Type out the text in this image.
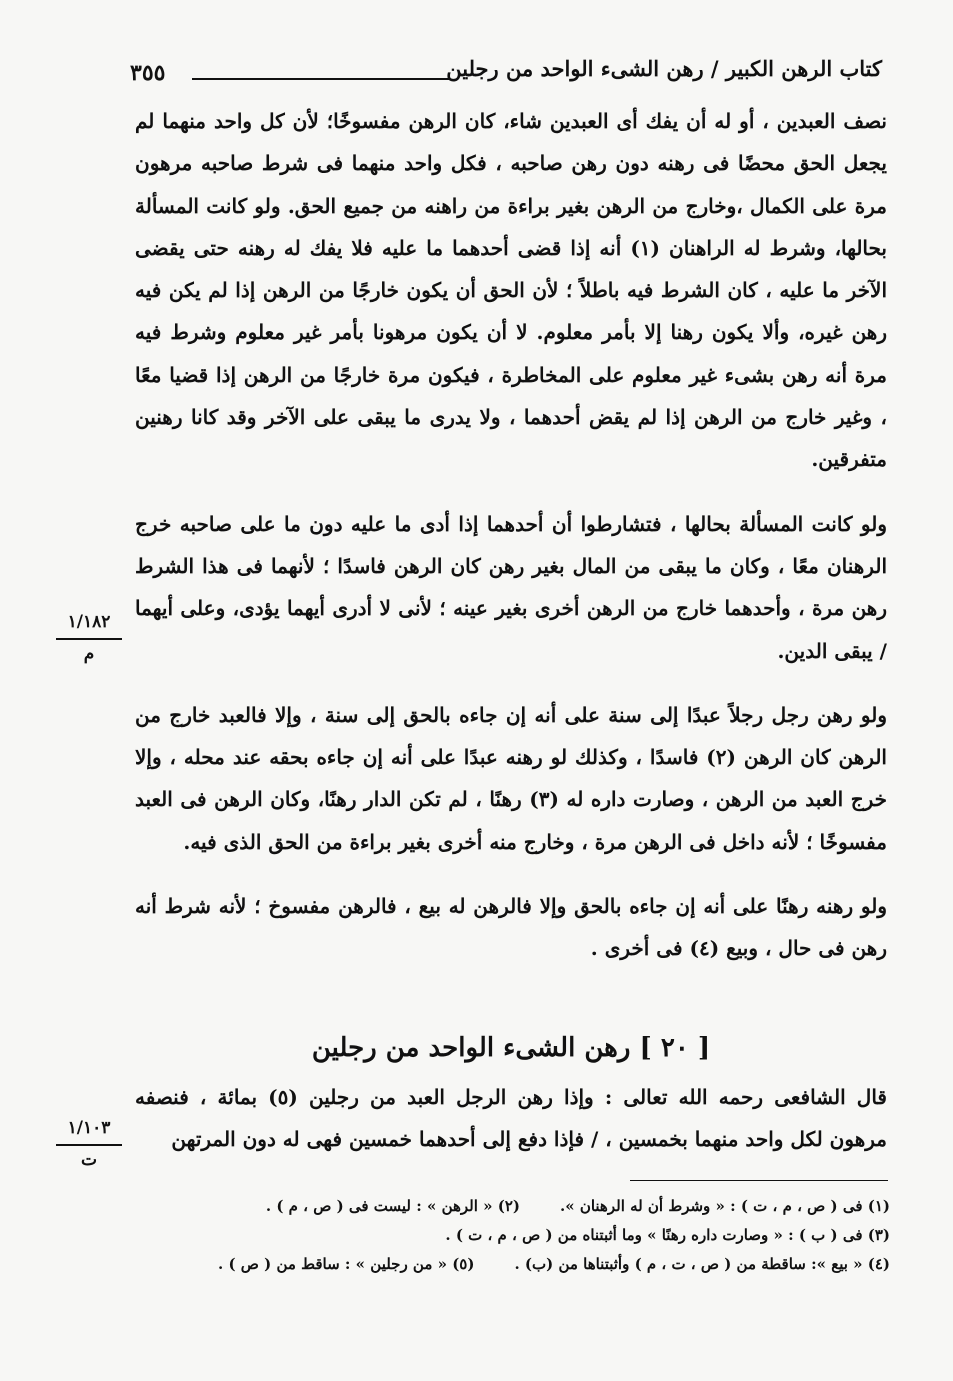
كتاب الرهن الكبير / رهن الشىء الواحد من رجلين
٣٥٥

نصف العبدين ، أو له أن يفك أى العبدين شاء، كان الرهن مفسوخًا؛ لأن كل واحد منهما لم يجعل الحق محضًا فى رهنه دون رهن صاحبه ، فكل واحد منهما فى شرط صاحبه مرهون مرة على الكمال ،وخارج من الرهن بغير براءة من راهنه من جميع الحق. ولو كانت المسألة بحالها، وشرط له الراهنان (١) أنه إذا قضى أحدهما ما عليه فلا يفك له رهنه حتى يقضى الآخر ما عليه ، كان الشرط فيه باطلاً ؛ لأن الحق أن يكون خارجًا من الرهن إذا لم يكن فيه رهن غيره، وألا يكون رهنا إلا بأمر معلوم. لا أن يكون مرهونا بأمر غير معلوم وشرط فيه مرة أنه رهن بشىء غير معلوم على المخاطرة ، فيكون مرة خارجًا من الرهن إذا قضيا معًا ، وغير خارج من الرهن إذا لم يقض أحدهما ، ولا يدرى ما يبقى على الآخر وقد كانا رهنين متفرقين.

ولو كانت المسألة بحالها ، فتشارطوا أن أحدهما إذا أدى ما عليه دون ما على صاحبه خرج الرهنان معًا ، وكان ما يبقى من المال بغير رهن كان الرهن فاسدًا ؛ لأنهما فى هذا الشرط رهن مرة ، وأحدهما خارج من الرهن أخرى بغير عينه ؛ لأنى لا أدرى أيهما يؤدى، وعلى أيهما / يبقى الدين.

ولو رهن رجل رجلاً عبدًا إلى سنة على أنه إن جاءه بالحق إلى سنة ، وإلا فالعبد خارج من الرهن كان الرهن (٢) فاسدًا ، وكذلك لو رهنه عبدًا على أنه إن جاءه بحقه عند محله ، وإلا خرج العبد من الرهن ، وصارت داره له (٣) رهنًا ، لم تكن الدار رهنًا، وكان الرهن فى العبد مفسوخًا ؛ لأنه داخل فى الرهن مرة ، وخارج منه أخرى بغير براءة من الحق الذى فيه.

ولو رهنه رهنًا على أنه إن جاءه بالحق وإلا فالرهن له بيع ، فالرهن مفسوخ ؛ لأنه شرط أنه رهن فى حال ، وبيع (٤) فى أخرى .

[ ٢٠ ] رهن الشىء الواحد من رجلين

قال الشافعى رحمه الله تعالى : وإذا رهن الرجل العبد من رجلين (٥) بمائة ، فنصفه مرهون لكل واحد منهما بخمسين ، / فإذا دفع إلى أحدهما خمسين فهى له دون المرتهن

١/١٨٢
م
١/١٠٣
ت
(١) فى ( ص ، م ، ت ) : « وشرط أن له الرهنان ».
(٢) « الرهن » : ليست فى ( ص ، م ) .
(٣) فى ( ب ) : « وصارت داره رهنًا » وما أثبتناه من ( ص ، م ، ت ) .
(٤) « بيع »: ساقطة من ( ص ، ت ، م ) وأثبتناها من (ب) .
(٥) « من رجلين » : ساقط من ( ص ) .
